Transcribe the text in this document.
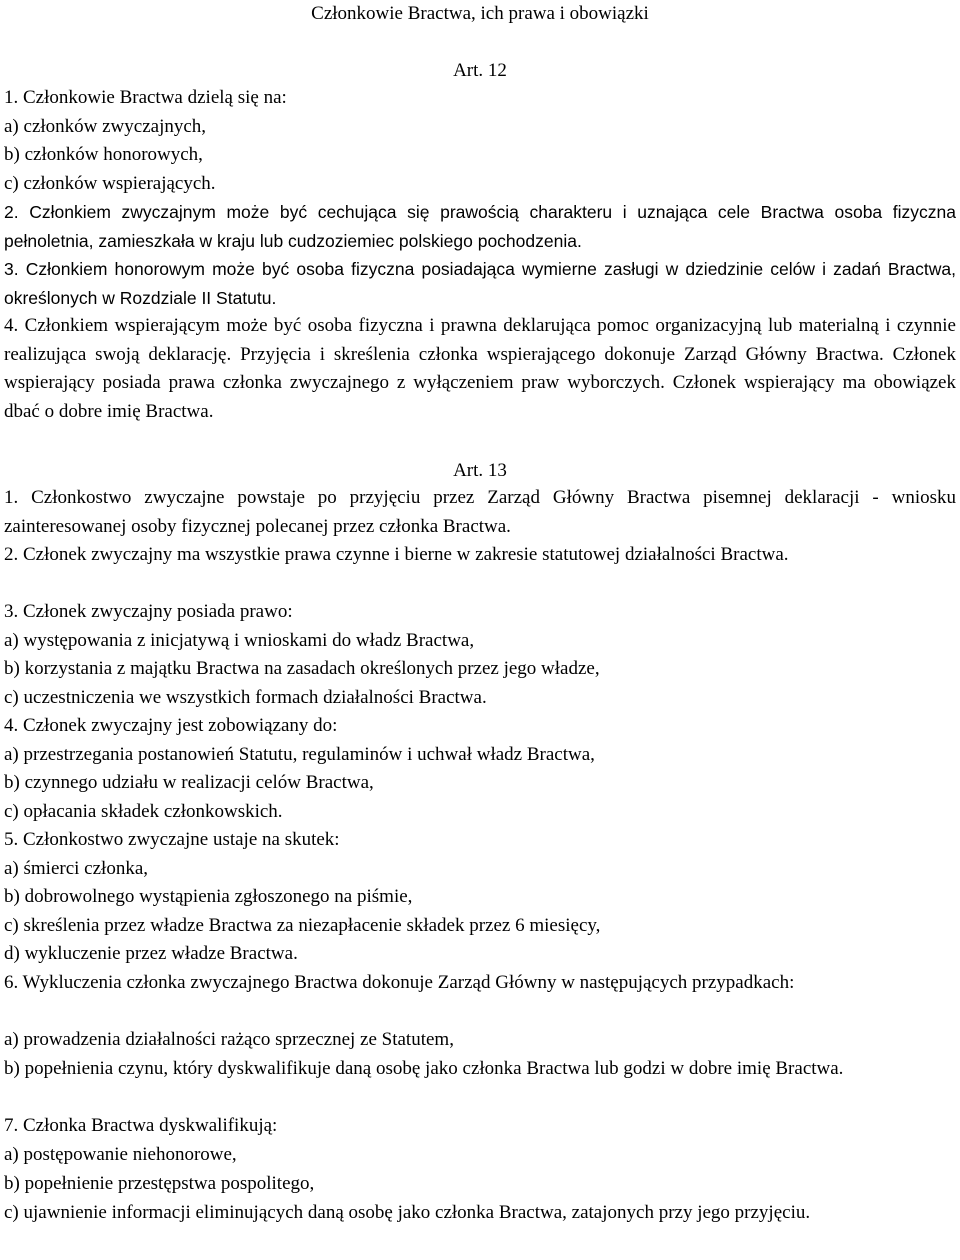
Członkowie Bractwa, ich prawa i obowiązki
Art. 12
1. Członkowie Bractwa dzielą się na:
a) członków zwyczajnych,
b) członków honorowych,
c) członków wspierających.

2. Członkiem zwyczajnym może być cechująca się prawością charakteru i uznająca cele Bractwa osoba fizyczna pełnoletnia, zamieszkała w kraju lub cudzoziemiec polskiego pochodzenia.

3. Członkiem honorowym może być osoba fizyczna posiadająca wymierne zasługi w dziedzinie celów i zadań Bractwa, określonych w Rozdziale II Statutu.

4. Członkiem wspierającym może być osoba fizyczna i prawna deklarująca pomoc organizacyjną lub materialną i czynnie realizująca swoją deklarację. Przyjęcia i skreślenia członka wspierającego dokonuje Zarząd Główny Bractwa. Członek wspierający posiada prawa członka zwyczajnego z wyłączeniem praw wyborczych. Członek wspierający ma obowiązek dbać o dobre imię Bractwa.

Art. 13

1. Członkostwo zwyczajne powstaje po przyjęciu przez Zarząd Główny Bractwa pisemnej deklaracji - wniosku zainteresowanej osoby fizycznej polecanej przez członka Bractwa.

2. Członek zwyczajny ma wszystkie prawa czynne i bierne w zakresie statutowej działalności Bractwa.

3. Członek zwyczajny posiada prawo:
a) występowania z inicjatywą i wnioskami do władz Bractwa,
b) korzystania z majątku Bractwa na zasadach określonych przez jego władze,
c) uczestniczenia we wszystkich formach działalności Bractwa.
4. Członek zwyczajny jest zobowiązany do:
a) przestrzegania postanowień Statutu, regulaminów i uchwał władz Bractwa,
b) czynnego udziału w realizacji celów Bractwa,
c) opłacania składek członkowskich.
5. Członkostwo zwyczajne ustaje na skutek:
a) śmierci członka,
b) dobrowolnego wystąpienia zgłoszonego na piśmie,
c) skreślenia przez władze Bractwa za niezapłacenie składek przez 6 miesięcy,
d) wykluczenie przez władze Bractwa.

6. Wykluczenia członka zwyczajnego Bractwa dokonuje Zarząd Główny w następujących przypadkach:

a) prowadzenia działalności rażąco sprzecznej ze Statutem,

b) popełnienia czynu, który dyskwalifikuje daną osobę jako członka Bractwa lub godzi w dobre imię Bractwa.

7. Członka Bractwa dyskwalifikują:

a) postępowanie niehonorowe,

b) popełnienie przestępstwa pospolitego,

c) ujawnienie informacji eliminujących daną osobę jako członka Bractwa, zatajonych przy jego przyjęciu.
